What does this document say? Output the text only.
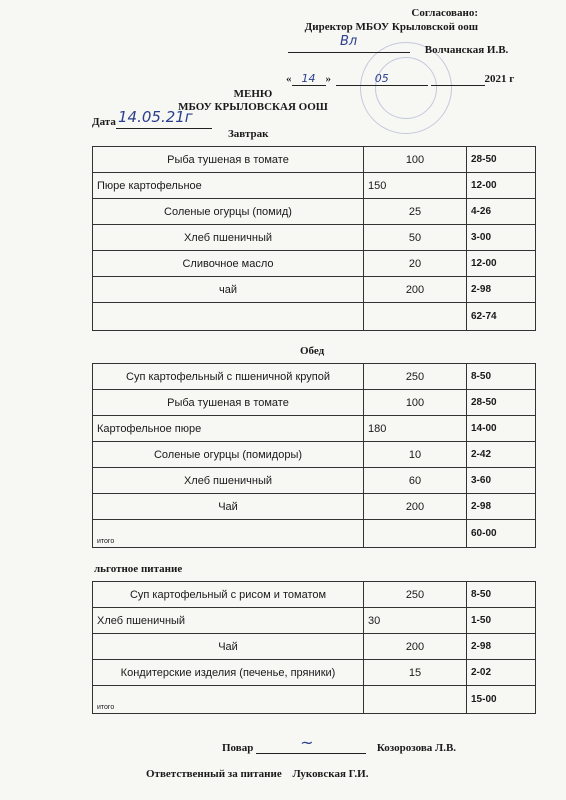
Согласовано:
Директор МБОУ Крыловской оош
Вл
Волчанская И.В.
« 14 »	05	2021 г
МЕНЮ
МБОУ КРЫЛОВСКАЯ ООШ
Дата 14.05.21г
Завтрак
Рыба тушеная в томате	100	28-50
Пюре картофельное	150	12-00
Соленые огурцы (помид)	25	4-26
Хлеб пшеничный	50	3-00
Сливочное масло	20	12-00
чай	200	2-98
		62-74
Обед
Суп картофельный с пшеничной крупой	250	8-50
Рыба тушеная в томате	100	28-50
Картофельное пюре	180	14-00
Соленые огурцы (помидоры)	10	2-42
Хлеб пшеничный	60	3-60
Чай	200	2-98
итого		60-00
льготное питание
Суп картофельный с рисом и томатом	250	8-50
Хлеб пшеничный	30	1-50
Чай	200	2-98
Кондитерские изделия (печенье, пряники)	15	2-02
итого		15-00
Повар	~	Козорозова Л.В.
Ответственный за питание Луковская Г.И.
